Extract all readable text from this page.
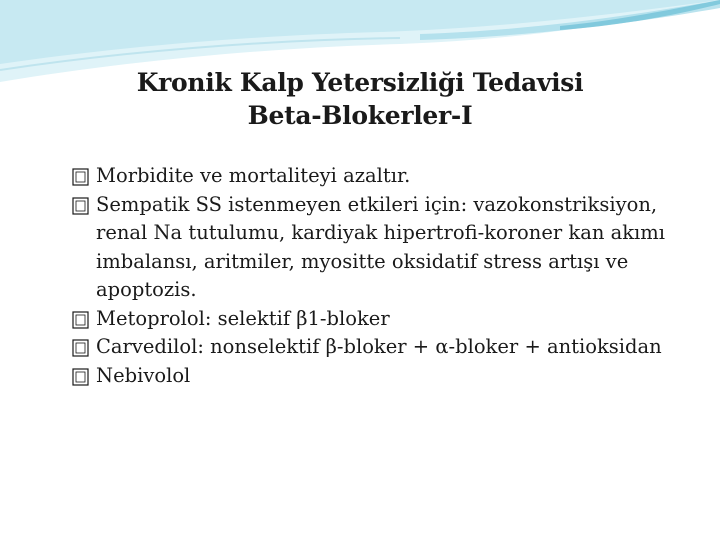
Kronik Kalp Yetersizliği Tedavisi
Beta-Blokerler-I

Morbidite ve mortaliteyi azaltır.

Sempatik SS istenmeyen etkileri için: vazokonstriksiyon, renal Na tutulumu, kardiyak hipertrofi-koroner kan akımı imbalansı, aritmiler, myositte oksidatif stress artışı ve apoptozis.

Metoprolol: selektif β1-bloker

Carvedilol: nonselektif β-bloker + α-bloker + antioksidan

Nebivolol
